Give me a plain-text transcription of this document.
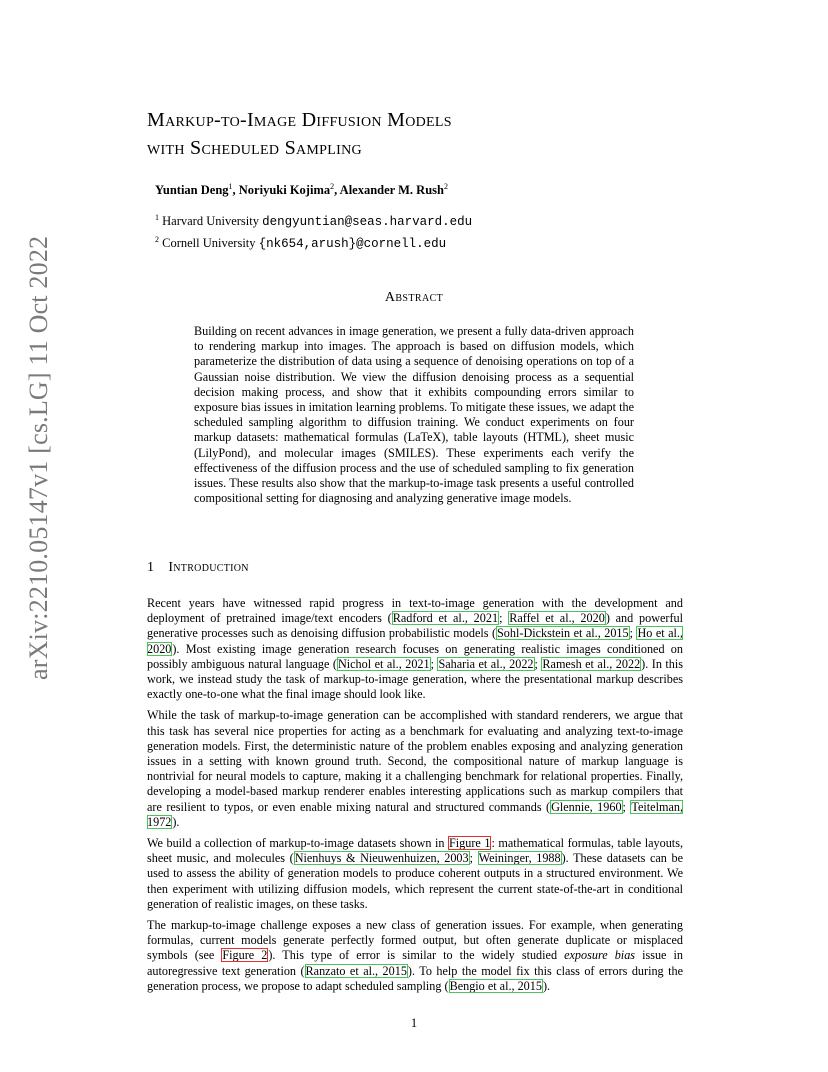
arXiv:2210.05147v1 [cs.LG] 11 Oct 2022
Markup-to-Image Diffusion Models
with Scheduled Sampling
Yuntian Deng$^1$, Noriyuki Kojima$^2$, Alexander M. Rush$^2$
$^1$ Harvard University dengyuntian@seas.harvard.edu
$^2$ Cornell University {nk654,arush}@cornell.edu
Abstract

Building on recent advances in image generation, we present a fully data-driven approach to rendering markup into images. The approach is based on diffusion models, which parameterize the distribution of data using a sequence of denoising operations on top of a Gaussian noise distribution. We view the diffusion denoising process as a sequential decision making process, and show that it exhibits compounding errors similar to exposure bias issues in imitation learning problems. To mitigate these issues, we adapt the scheduled sampling algorithm to diffusion training. We conduct experiments on four markup datasets: mathematical formulas (LaTeX), table layouts (HTML), sheet music (LilyPond), and molecular images (SMILES). These experiments each verify the effectiveness of the diffusion process and the use of scheduled sampling to fix generation issues. These results also show that the markup-to-image task presents a useful controlled compositional setting for diagnosing and analyzing generative image models.

1 Introduction

Recent years have witnessed rapid progress in text-to-image generation with the development and deployment of pretrained image/text encoders (Radford et al., 2021; Raffel et al., 2020) and powerful generative processes such as denoising diffusion probabilistic models (Sohl-Dickstein et al., 2015; Ho et al., 2020). Most existing image generation research focuses on generating realistic images conditioned on possibly ambiguous natural language (Nichol et al., 2021; Saharia et al., 2022; Ramesh et al., 2022). In this work, we instead study the task of markup-to-image generation, where the presentational markup describes exactly one-to-one what the final image should look like.

While the task of markup-to-image generation can be accomplished with standard renderers, we argue that this task has several nice properties for acting as a benchmark for evaluating and analyzing text-to-image generation models. First, the deterministic nature of the problem enables exposing and analyzing generation issues in a setting with known ground truth. Second, the compositional nature of markup language is nontrivial for neural models to capture, making it a challenging benchmark for relational properties. Finally, developing a model-based markup renderer enables interesting applications such as markup compilers that are resilient to typos, or even enable mixing natural and structured commands (Glennie, 1960; Teitelman, 1972).

We build a collection of markup-to-image datasets shown in Figure 1: mathematical formulas, table layouts, sheet music, and molecules (Nienhuys & Nieuwenhuizen, 2003; Weininger, 1988). These datasets can be used to assess the ability of generation models to produce coherent outputs in a structured environment. We then experiment with utilizing diffusion models, which represent the current state-of-the-art in conditional generation of realistic images, on these tasks.

The markup-to-image challenge exposes a new class of generation issues. For example, when generating formulas, current models generate perfectly formed output, but often generate duplicate or misplaced symbols (see Figure 2). This type of error is similar to the widely studied exposure bias issue in autoregressive text generation (Ranzato et al., 2015). To help the model fix this class of errors during the generation process, we propose to adapt scheduled sampling (Bengio et al., 2015).

1
